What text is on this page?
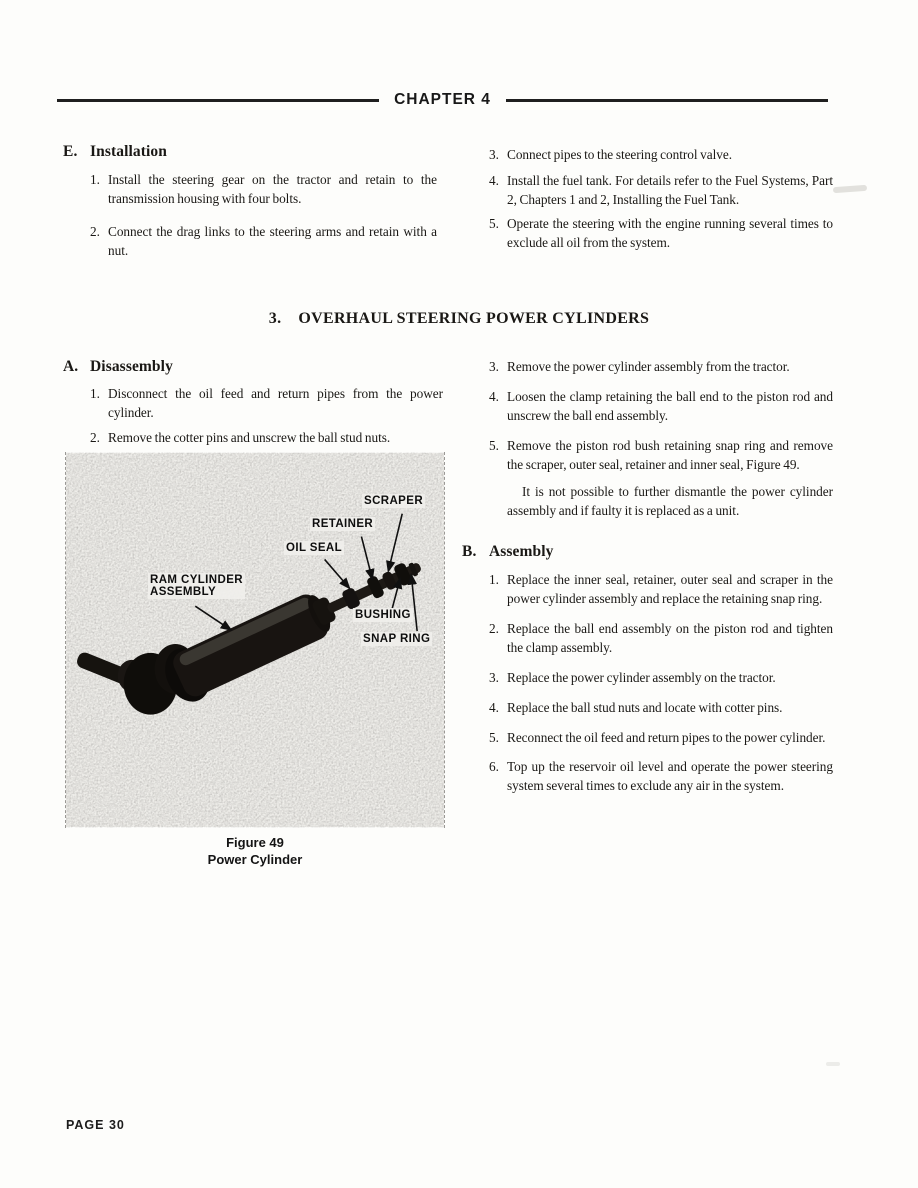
CHAPTER 4
E. Installation
1. Install the steering gear on the tractor and retain to the transmission housing with four bolts.
2. Connect the drag links to the steering arms and retain with a nut.
3. Connect pipes to the steering control valve.
4. Install the fuel tank. For details refer to the Fuel Systems, Part 2, Chapters 1 and 2, Installing the Fuel Tank.
5. Operate the steering with the engine running several times to exclude all oil from the system.
3. OVERHAUL STEERING POWER CYLINDERS
A. Disassembly
1. Disconnect the oil feed and return pipes from the power cylinder.
2. Remove the cotter pins and unscrew the ball stud nuts.
SCRAPER
RETAINER
OIL SEAL
RAM CYLINDER
ASSEMBLY
BUSHING
SNAP RING
Figure 49
Power Cylinder
3. Remove the power cylinder assembly from the tractor.
4. Loosen the clamp retaining the ball end to the piston rod and unscrew the ball end assembly.
5. Remove the piston rod bush retaining snap ring and remove the scraper, outer seal, retainer and inner seal, Figure 49.
It is not possible to further dismantle the power cylinder assembly and if faulty it is replaced as a unit.
B. Assembly
1. Replace the inner seal, retainer, outer seal and scraper in the power cylinder assembly and replace the retaining snap ring.
2. Replace the ball end assembly on the piston rod and tighten the clamp assembly.
3. Replace the power cylinder assembly on the tractor.
4. Replace the ball stud nuts and locate with cotter pins.
5. Reconnect the oil feed and return pipes to the power cylinder.
6. Top up the reservoir oil level and operate the power steering system several times to exclude any air in the system.
PAGE 30
